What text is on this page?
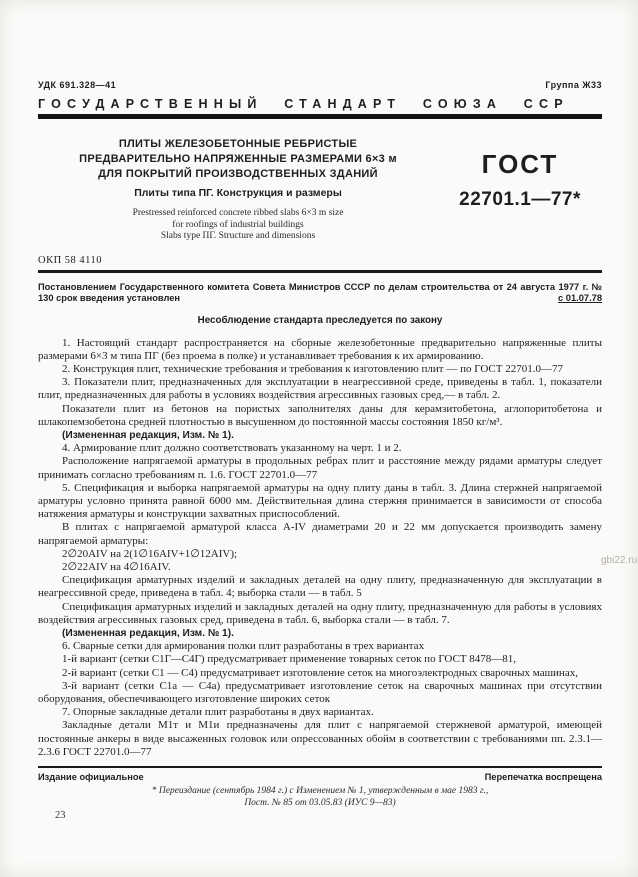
УДК 691.328—41	Группа Ж33
ГОСУДАРСТВЕННЫЙ СТАНДАРТ СОЮЗА ССР
ПЛИТЫ ЖЕЛЕЗОБЕТОННЫЕ РЕБРИСТЫЕ
ПРЕДВАРИТЕЛЬНО НАПРЯЖЕННЫЕ РАЗМЕРАМИ 6×3 м
ДЛЯ ПОКРЫТИЙ ПРОИЗВОДСТВЕННЫХ ЗДАНИЙ
Плиты типа ПГ. Конструкция и размеры
Prestressed reinforced concrete ribbed slabs 6×3 m size
for roofings of industrial buildings
Slabs type ПГ. Structure and dimensions
ГОСТ
22701.1—77*
ОКП 58 4110

Постановлением Государственного комитета Совета Министров СССР по делам строительства от 24 августа 1977 г. № 130 срок введения установлен	с 01.07.78

Несоблюдение стандарта преследуется по закону

1. Настоящий стандарт распространяется на сборные железобетонные предварительно напряженные плиты размерами 6×3 м типа ПГ (без проема в полке) и устанавливает требования к их армированию.

2. Конструкция плит, технические требования и требования к изготовлению плит — по ГОСТ 22701.0—77

3. Показатели плит, предназначенных для эксплуатации в неагрессивной среде, приведены в табл. 1, показатели плит, предназначенных для работы в условиях воздействия агрессивных газовых сред,— в табл. 2.

Показатели плит из бетонов на пористых заполнителях даны для керамзитобетона, аглопоритобетона и шлакопемзобетона средней плотностью в высушенном до постоянной массы состояния 1850 кг/м³.

(Измененная редакция, Изм. № 1).

4. Армирование плит должно соответствовать указанному на черт. 1 и 2.

Расположение напрягаемой арматуры в продольных ребрах плит и расстояние между рядами арматуры следует принимать согласно требованиям п. 1.6. ГОСТ 22701.0—77

5. Спецификация и выборка напрягаемой арматуры на одну плиту даны в табл. 3. Длина стержней напрягаемой арматуры условно принята равной 6000 мм. Действительная длина стержня принимается в зависимости от способа натяжения арматуры и конструкции захватных приспособлений.

В плитах с напрягаемой арматурой класса А-IV диаметрами 20 и 22 мм допускается производить замену напрягаемой арматуры:

2∅20АIV на 2(1∅16АIV+1∅12АIV);

2∅22АIV на 4∅16АIV.

Спецификация арматурных изделий и закладных деталей на одну плиту, предназначенную для эксплуатации в неагрессивной среде, приведена в табл. 4; выборка стали — в табл. 5

Спецификация арматурных изделий и закладных деталей на одну плиту, предназначенную для работы в условиях воздействия агрессивных газовых сред, приведена в табл. 6, выборка стали — в табл. 7.

(Измененная редакция, Изм. № 1).

6. Сварные сетки для армирования полки плит разработаны в трех вариантах

1-й вариант (сетки С1Г—С4Г) предусматривает применение товарных сеток по ГОСТ 8478—81,

2-й вариант (сетки С1 — С4) предусматривает изготовление сеток на многоэлектродных сварочных машинах,

3-й вариант (сетки С1а — С4а) предусматривает изготовление сеток на сварочных машинах при отсутствии оборудования, обеспечивающего изготовление широких сеток

7. Опорные закладные детали плит разработаны в двух вариантах.

Закладные детали М1т и М1и предназначены для плит с напрягаемой стержневой арматурой, имеющей постоянные анкеры в виде высаженных головок или опрессованных обойм в соответствии с требованиями пп. 2.3.1—2.3.6 ГОСТ 22701.0—77

Издание официальное	Перепечатка воспрещена
* Переиздание (сентябрь 1984 г.) с Изменением № 1, утвержденным в мае 1983 г.,
Пост. № 85 от 03.05.83 (ИУС 9—83)
23
gbi22.ru
